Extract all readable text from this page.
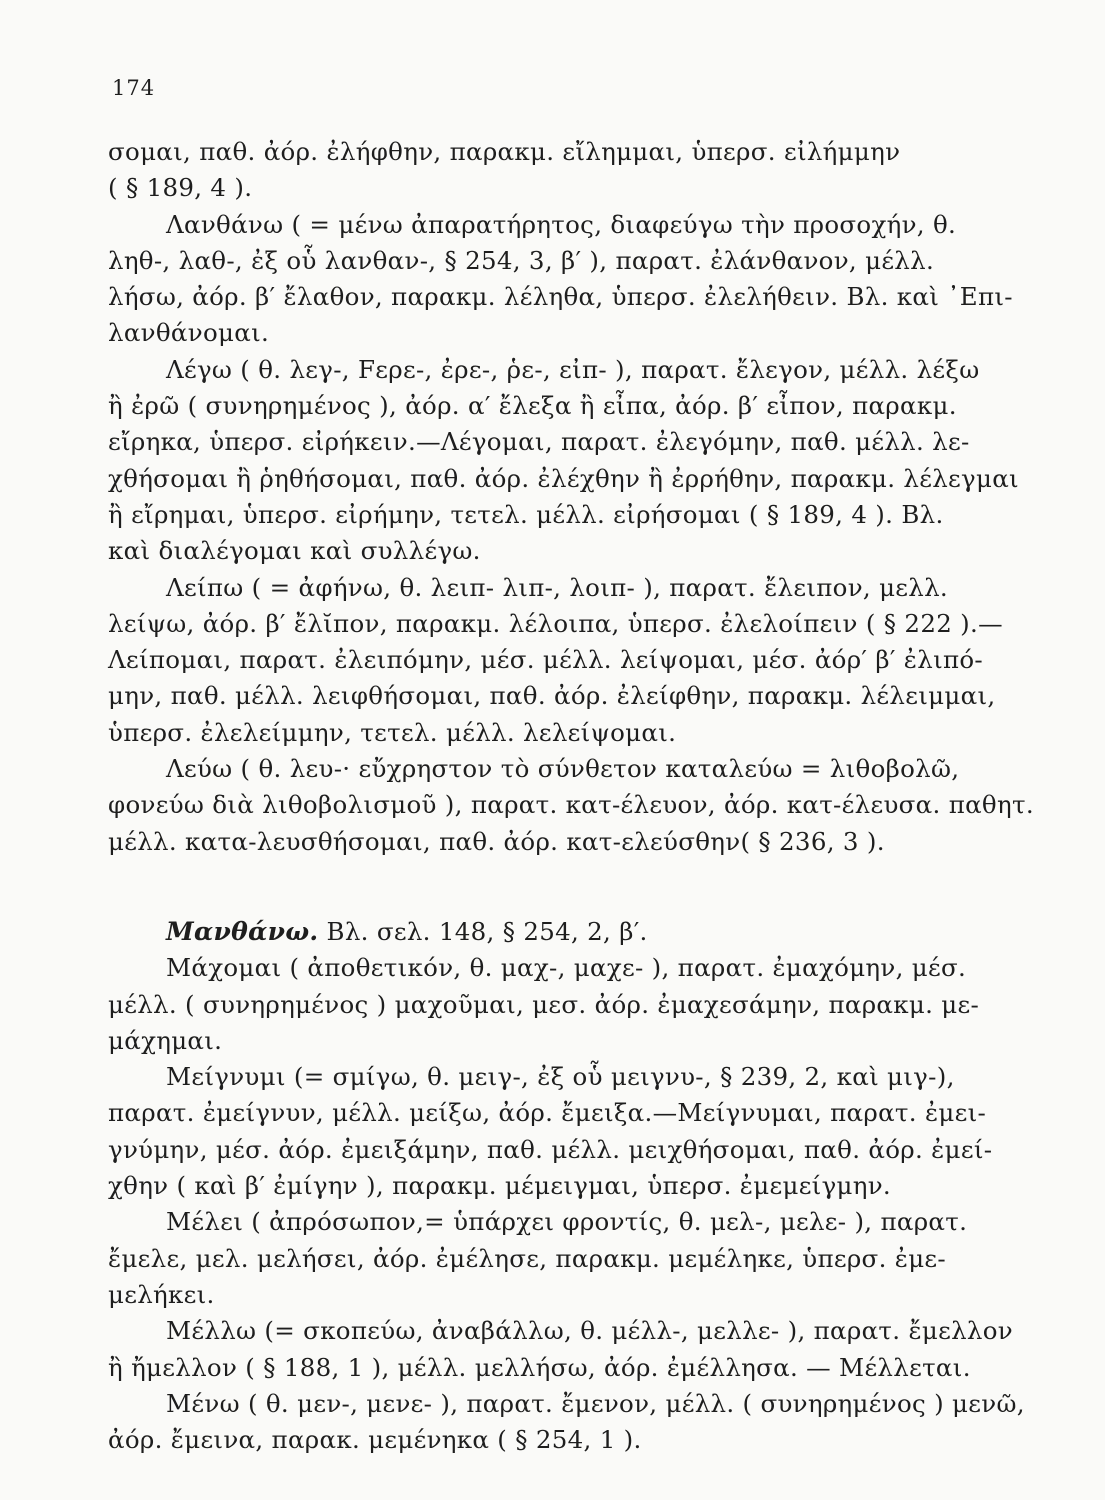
174
σομαι, παθ. ἀόρ. ἐλήφθην, παρακμ. εἴλημμαι, ὑπερσ. εἰλήμμην
( § 189, 4 ).
Λανθάνω ( = μένω ἀπαρατήρητος, διαφεύγω τὴν προσοχήν, θ.
ληθ-, λαθ-, ἐξ οὗ λανθαν-, § 254, 3, β′ ), παρατ. ἐλάνθανον, μέλλ.
λήσω, ἀόρ. β′ ἔλαθον, παρακμ. λέληθα, ὑπερσ. ἐλελήθειν. Βλ. καὶ ᾿Επι-
λανθάνομαι.
Λέγω ( θ. λεγ-, Fερε-, ἐρε-, ῥε-, εἰπ- ), παρατ. ἔλεγον, μέλλ. λέξω
ἢ ἐρῶ ( συνηρημένος ), ἀόρ. α′ ἔλεξα ἢ εἶπα, ἀόρ. β′ εἶπον, παρακμ.
εἴρηκα, ὑπερσ. εἰρήκειν.—Λέγομαι, παρατ. ἐλεγόμην, παθ. μέλλ. λε-
χθήσομαι ἢ ῥηθήσομαι, παθ. ἀόρ. ἐλέχθην ἢ ἐρρήθην, παρακμ. λέλεγμαι
ἢ εἴρημαι, ὑπερσ. εἰρήμην, τετελ. μέλλ. εἰρήσομαι ( § 189, 4 ). Βλ.
καὶ διαλέγομαι καὶ συλλέγω.
Λείπω ( = ἀφήνω, θ. λειπ- λιπ-, λοιπ- ), παρατ. ἔλειπον, μελλ.
λείψω, ἀόρ. β′ ἔλῐπον, παρακμ. λέλοιπα, ὑπερσ. ἐλελοίπειν ( § 222 ).—
Λείπομαι, παρατ. ἐλειπόμην, μέσ. μέλλ. λείψομαι, μέσ. ἀόρ′ β′ ἐλιπό-
μην, παθ. μέλλ. λειφθήσομαι, παθ. ἀόρ. ἐλείφθην, παρακμ. λέλειμμαι,
ὑπερσ. ἐλελείμμην, τετελ. μέλλ. λελείψομαι.
Λεύω ( θ. λευ-· εὔχρηστον τὸ σύνθετον καταλεύω = λιθοβολῶ,
φονεύω διὰ λιθοβολισμοῦ ), παρατ. κατ-έλευον, ἀόρ. κατ-έλευσα. παθητ.
μέλλ. κατα-λευσθήσομαι, παθ. ἀόρ. κατ-ελεύσθην( § 236, 3 ).
Μανθάνω. Βλ. σελ. 148, § 254, 2, β′.
Μάχομαι ( ἀποθετικόν, θ. μαχ-, μαχε- ), παρατ. ἐμαχόμην, μέσ.
μέλλ. ( συνηρημένος ) μαχοῦμαι, μεσ. ἀόρ. ἐμαχεσάμην, παρακμ. με-
μάχημαι.
Μείγνυμι (= σμίγω, θ. μειγ-, ἐξ οὗ μειγνυ-, § 239, 2, καὶ μιγ-),
παρατ. ἐμείγνυν, μέλλ. μείξω, ἀόρ. ἔμειξα.—Μείγνυμαι, παρατ. ἐμει-
γνύμην, μέσ. ἀόρ. ἐμειξάμην, παθ. μέλλ. μειχθήσομαι, παθ. ἀόρ. ἐμεί-
χθην ( καὶ β′ ἐμίγην ), παρακμ. μέμειγμαι, ὑπερσ. ἐμεμείγμην.
Μέλει ( ἀπρόσωπον,= ὑπάρχει φροντίς, θ. μελ-, μελε- ), παρατ.
ἔμελε, μελ. μελήσει, ἀόρ. ἐμέλησε, παρακμ. μεμέληκε, ὑπερσ. ἐμε-
μελήκει.
Μέλλω (= σκοπεύω, ἀναβάλλω, θ. μέλλ-, μελλε- ), παρατ. ἔμελλον
ἢ ἤμελλον ( § 188, 1 ), μέλλ. μελλήσω, ἀόρ. ἐμέλλησα. — Μέλλεται.
Μένω ( θ. μεν-, μενε- ), παρατ. ἔμενον, μέλλ. ( συνηρημένος ) μενῶ,
ἀόρ. ἔμεινα, παρακ. μεμένηκα ( § 254, 1 ).
